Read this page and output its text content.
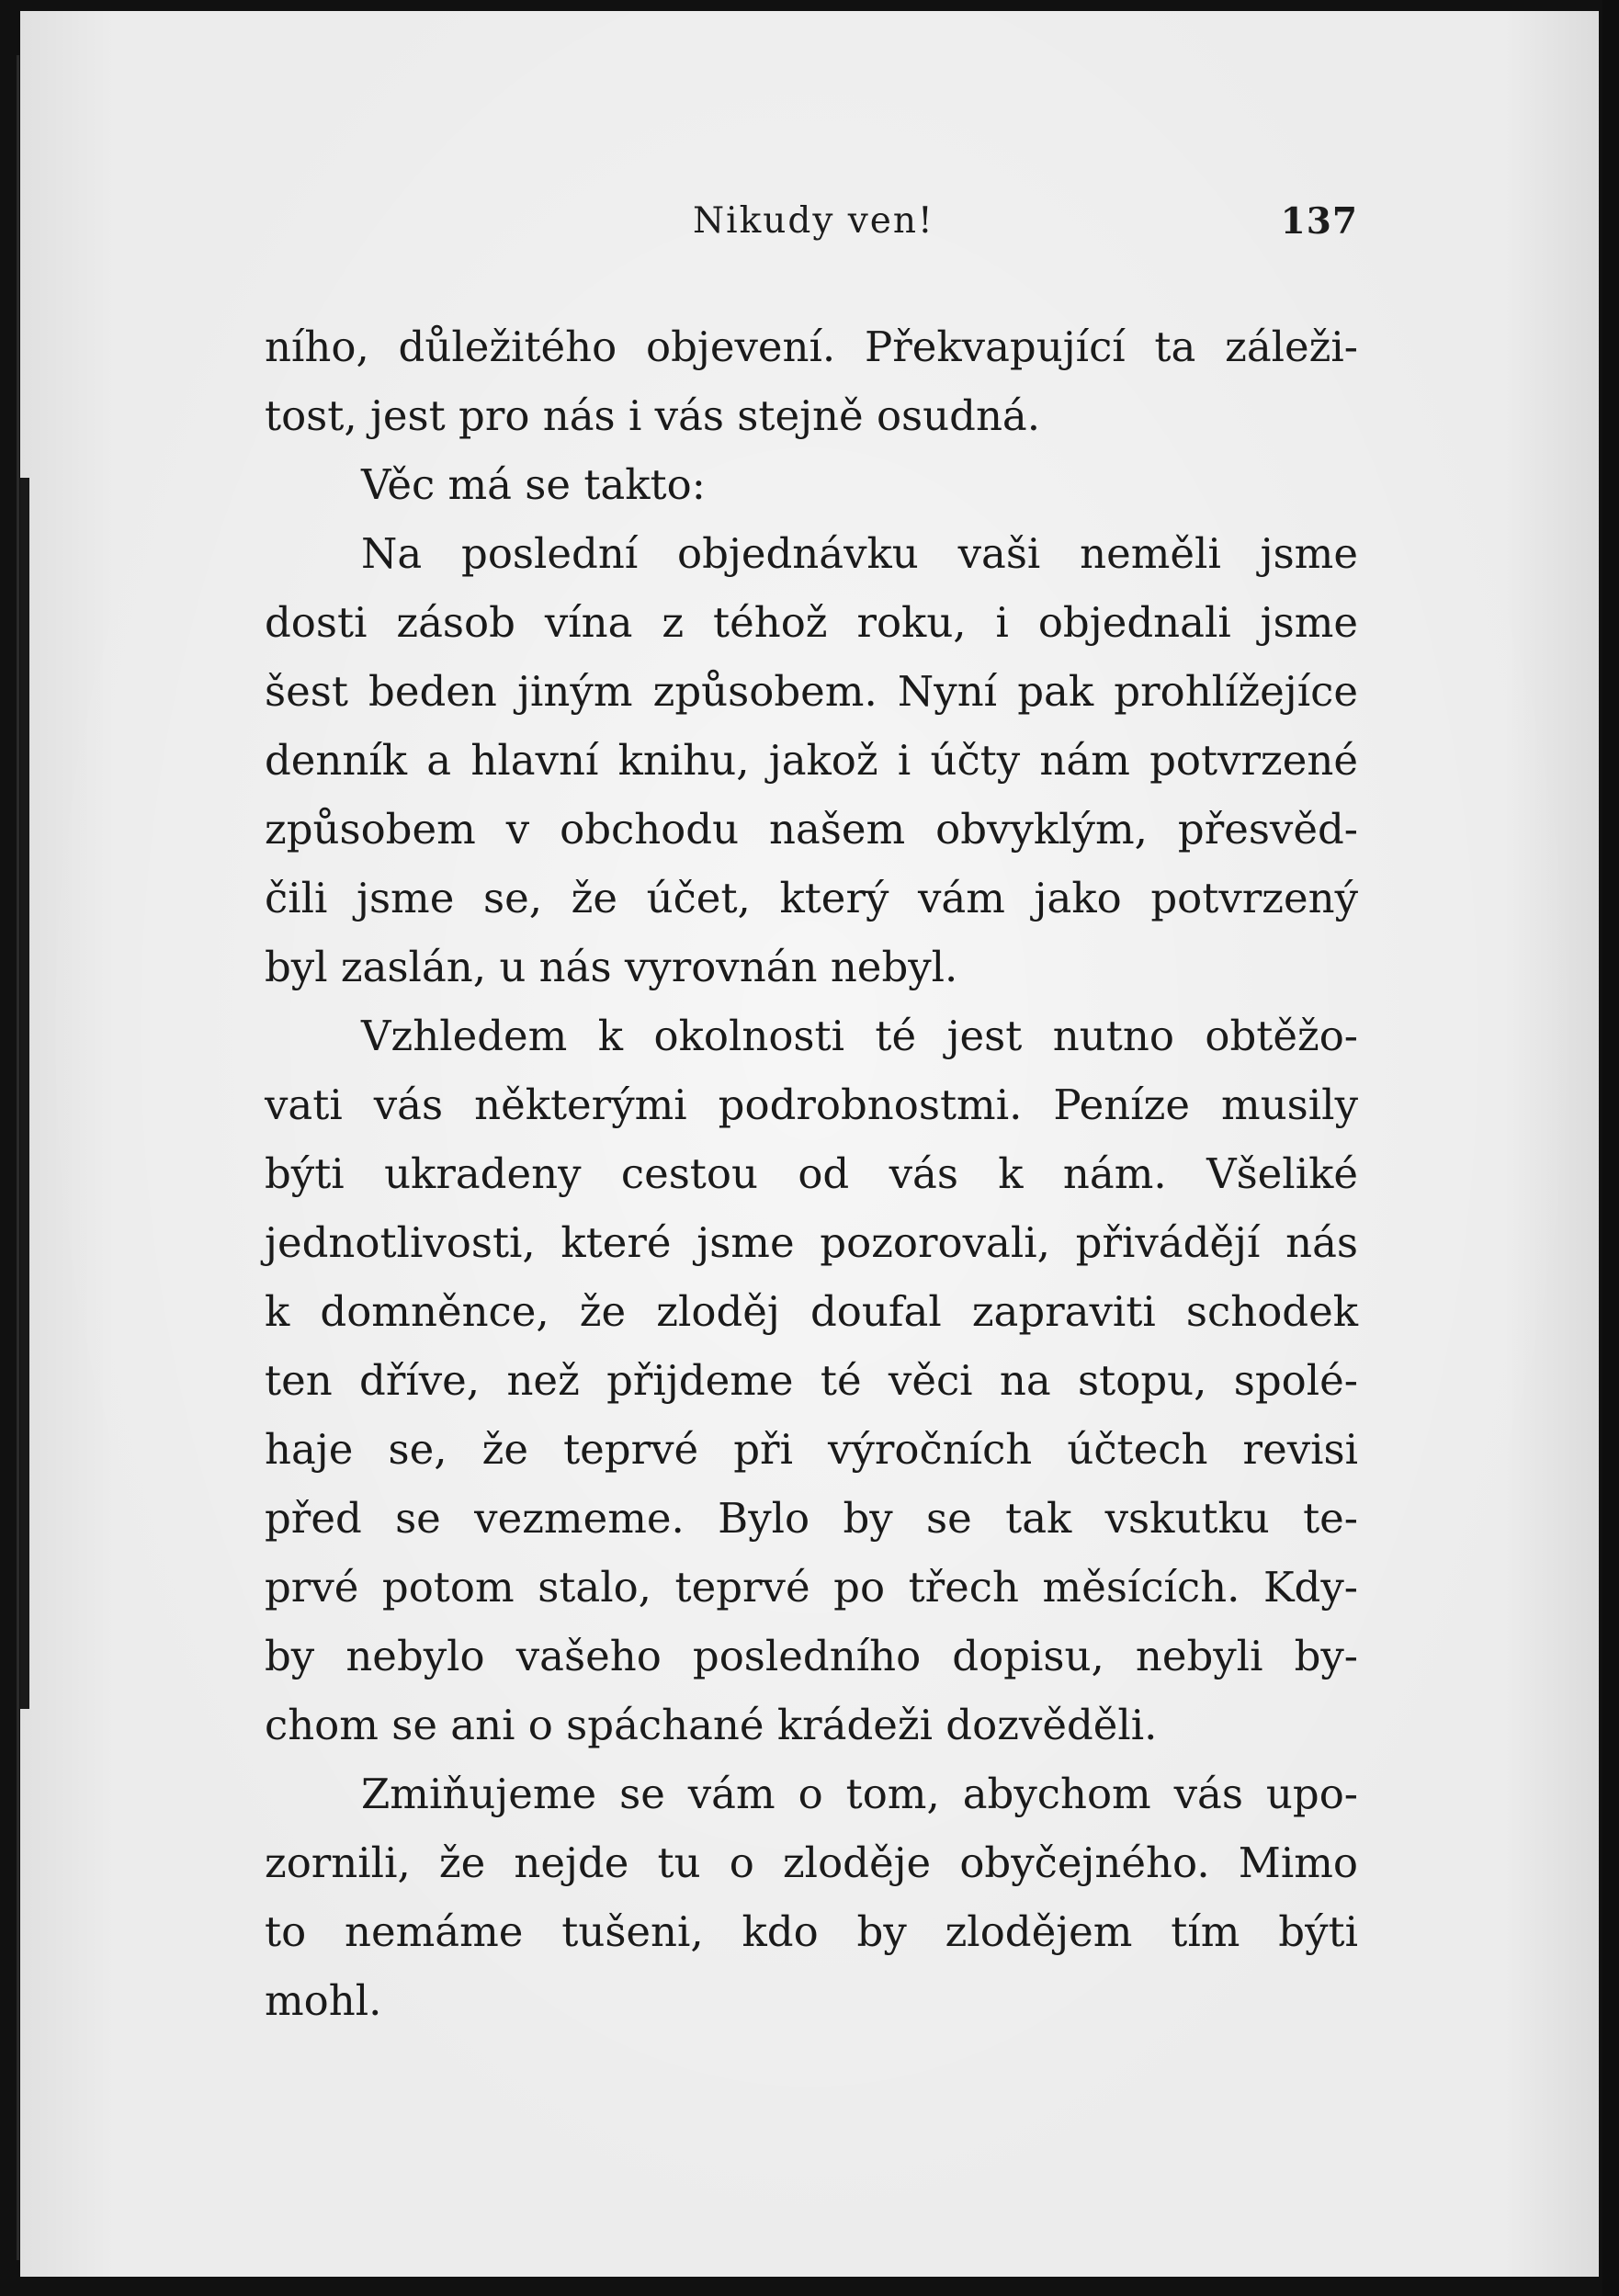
Nikudy ven!	137
ního, důležitého objevení. Překvapující ta záleži-
tost, jest pro nás i vás stejně osudná.
Věc má se takto:
Na poslední objednávku vaši neměli jsme
dosti zásob vína z téhož roku, i objednali jsme
šest beden jiným způsobem. Nyní pak prohlížejíce
denník a hlavní knihu, jakož i účty nám potvrzené
způsobem v obchodu našem obvyklým, přesvěd-
čili jsme se, že účet, který vám jako potvrzený
byl zaslán, u nás vyrovnán nebyl.
Vzhledem k okolnosti té jest nutno obtěžo-
vati vás některými podrobnostmi. Peníze musily
býti ukradeny cestou od vás k nám. Všeliké
jednotlivosti, které jsme pozorovali, přivádějí nás
k domněnce, že zloděj doufal zapraviti schodek
ten dříve, než přijdeme té věci na stopu, spolé-
haje se, že teprvé při výročních účtech revisi
před se vezmeme. Bylo by se tak vskutku te-
prvé potom stalo, teprvé po třech měsících. Kdy-
by nebylo vašeho posledního dopisu, nebyli by-
chom se ani o spáchané krádeži dozvěděli.
Zmiňujeme se vám o tom, abychom vás upo-
zornili, že nejde tu o zloděje obyčejného. Mimo
to nemáme tušeni, kdo by zlodějem tím býti
mohl.
